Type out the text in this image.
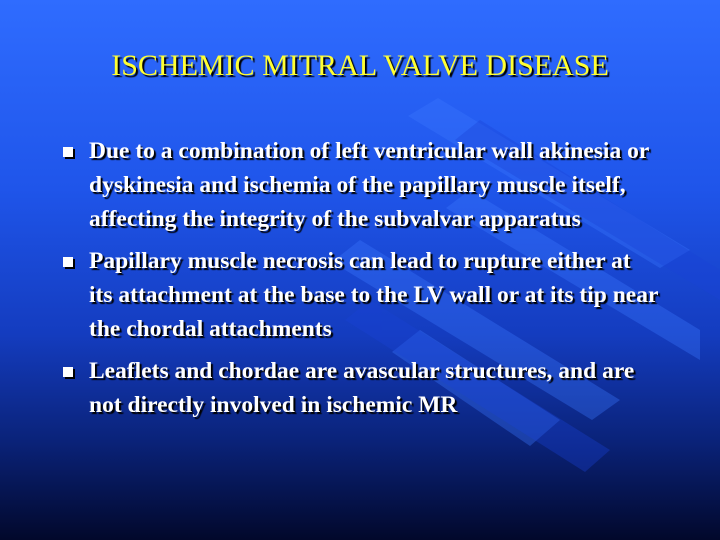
ISCHEMIC MITRAL VALVE DISEASE
Due to a combination of left ventricular wall akinesia or dyskinesia and ischemia of the papillary muscle itself, affecting the integrity of the subvalvar apparatus
Papillary muscle necrosis can lead to rupture either at its attachment at the base to the LV wall or at its tip near the chordal attachments
Leaflets and chordae are avascular structures, and are not directly involved in ischemic MR
